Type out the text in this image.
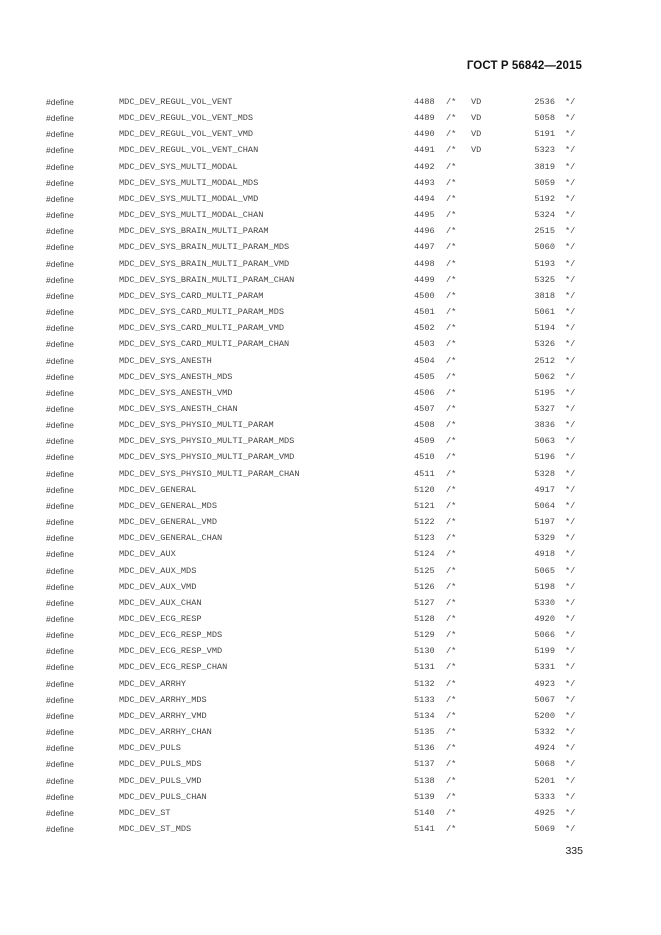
ГОСТ Р 56842—2015
#define	MDC_DEV_REGUL_VOL_VENT	4488 /* VD	2536 */
#define	MDC_DEV_REGUL_VOL_VENT_MDS	4489 /* VD	5058 */
#define	MDC_DEV_REGUL_VOL_VENT_VMD	4490 /* VD	5191 */
#define	MDC_DEV_REGUL_VOL_VENT_CHAN	4491 /* VD	5323 */
#define	MDC_DEV_SYS_MULTI_MODAL	4492 /*	3819 */
#define	MDC_DEV_SYS_MULTI_MODAL_MDS	4493 /*	5059 */
#define	MDC_DEV_SYS_MULTI_MODAL_VMD	4494 /*	5192 */
#define	MDC_DEV_SYS_MULTI_MODAL_CHAN	4495 /*	5324 */
#define	MDC_DEV_SYS_BRAIN_MULTI_PARAM	4496 /*	2515 */
#define	MDC_DEV_SYS_BRAIN_MULTI_PARAM_MDS	4497 /*	5060 */
#define	MDC_DEV_SYS_BRAIN_MULTI_PARAM_VMD	4498 /*	5193 */
#define	MDC_DEV_SYS_BRAIN_MULTI_PARAM_CHAN	4499 /*	5325 */
#define	MDC_DEV_SYS_CARD_MULTI_PARAM	4500 /*	3818 */
#define	MDC_DEV_SYS_CARD_MULTI_PARAM_MDS	4501 /*	5061 */
#define	MDC_DEV_SYS_CARD_MULTI_PARAM_VMD	4502 /*	5194 */
#define	MDC_DEV_SYS_CARD_MULTI_PARAM_CHAN	4503 /*	5326 */
#define	MDC_DEV_SYS_ANESTH	4504 /*	2512 */
#define	MDC_DEV_SYS_ANESTH_MDS	4505 /*	5062 */
#define	MDC_DEV_SYS_ANESTH_VMD	4506 /*	5195 */
#define	MDC_DEV_SYS_ANESTH_CHAN	4507 /*	5327 */
#define	MDC_DEV_SYS_PHYSIO_MULTI_PARAM	4508 /*	3836 */
#define	MDC_DEV_SYS_PHYSIO_MULTI_PARAM_MDS	4509 /*	5063 */
#define	MDC_DEV_SYS_PHYSIO_MULTI_PARAM_VMD	4510 /*	5196 */
#define	MDC_DEV_SYS_PHYSIO_MULTI_PARAM_CHAN	4511 /*	5328 */
#define	MDC_DEV_GENERAL	5120 /*	4917 */
#define	MDC_DEV_GENERAL_MDS	5121 /*	5064 */
#define	MDC_DEV_GENERAL_VMD	5122 /*	5197 */
#define	MDC_DEV_GENERAL_CHAN	5123 /*	5329 */
#define	MDC_DEV_AUX	5124 /*	4918 */
#define	MDC_DEV_AUX_MDS	5125 /*	5065 */
#define	MDC_DEV_AUX_VMD	5126 /*	5198 */
#define	MDC_DEV_AUX_CHAN	5127 /*	5330 */
#define	MDC_DEV_ECG_RESP	5128 /*	4920 */
#define	MDC_DEV_ECG_RESP_MDS	5129 /*	5066 */
#define	MDC_DEV_ECG_RESP_VMD	5130 /*	5199 */
#define	MDC_DEV_ECG_RESP_CHAN	5131 /*	5331 */
#define	MDC_DEV_ARRHY	5132 /*	4923 */
#define	MDC_DEV_ARRHY_MDS	5133 /*	5067 */
#define	MDC_DEV_ARRHY_VMD	5134 /*	5200 */
#define	MDC_DEV_ARRHY_CHAN	5135 /*	5332 */
#define	MDC_DEV_PULS	5136 /*	4924 */
#define	MDC_DEV_PULS_MDS	5137 /*	5068 */
#define	MDC_DEV_PULS_VMD	5138 /*	5201 */
#define	MDC_DEV_PULS_CHAN	5139 /*	5333 */
#define	MDC_DEV_ST	5140 /*	4925 */
#define	MDC_DEV_ST_MDS	5141 /*	5069 */
335
